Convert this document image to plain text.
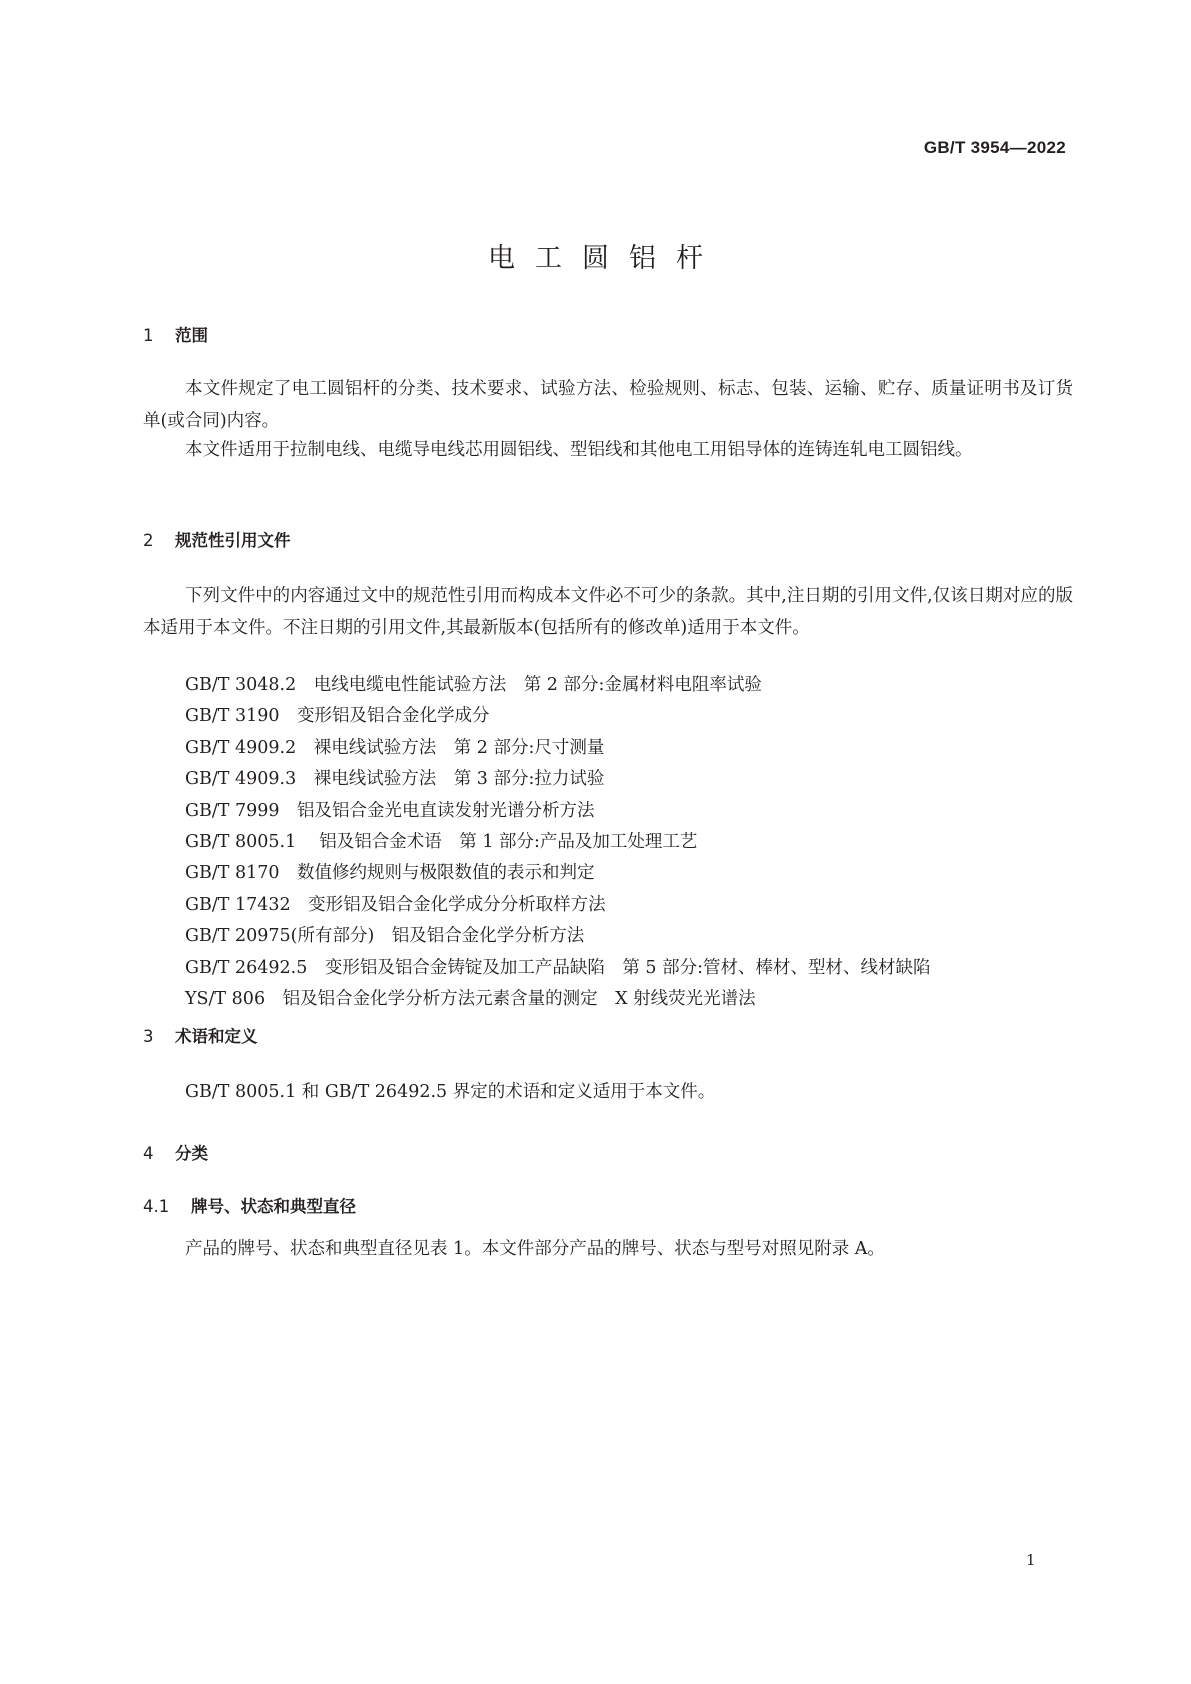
GB/T 3954—2022
电工圆铝杆
1 范围
本文件规定了电工圆铝杆的分类、技术要求、试验方法、检验规则、标志、包装、运输、贮存、质量证明书及订货单(或合同)内容。
本文件适用于拉制电线、电缆导电线芯用圆铝线、型铝线和其他电工用铝导体的连铸连轧电工圆铝线。
2 规范性引用文件
下列文件中的内容通过文中的规范性引用而构成本文件必不可少的条款。其中,注日期的引用文件,仅该日期对应的版本适用于本文件。不注日期的引用文件,其最新版本(包括所有的修改单)适用于本文件。
GB/T 3048.2　电线电缆电性能试验方法　第 2 部分:金属材料电阻率试验
GB/T 3190　变形铝及铝合金化学成分
GB/T 4909.2　裸电线试验方法　第 2 部分:尺寸测量
GB/T 4909.3　裸电线试验方法　第 3 部分:拉力试验
GB/T 7999　铝及铝合金光电直读发射光谱分析方法
GB/T 8005.1　 铝及铝合金术语　第 1 部分:产品及加工处理工艺
GB/T 8170　数值修约规则与极限数值的表示和判定
GB/T 17432　变形铝及铝合金化学成分分析取样方法
GB/T 20975(所有部分)　铝及铝合金化学分析方法
GB/T 26492.5　变形铝及铝合金铸锭及加工产品缺陷　第 5 部分:管材、棒材、型材、线材缺陷
YS/T 806　铝及铝合金化学分析方法元素含量的测定　X 射线荧光光谱法
3 术语和定义
GB/T 8005.1 和 GB/T 26492.5 界定的术语和定义适用于本文件。
4 分类
4.1 牌号、状态和典型直径
产品的牌号、状态和典型直径见表 1。本文件部分产品的牌号、状态与型号对照见附录 A。
1
